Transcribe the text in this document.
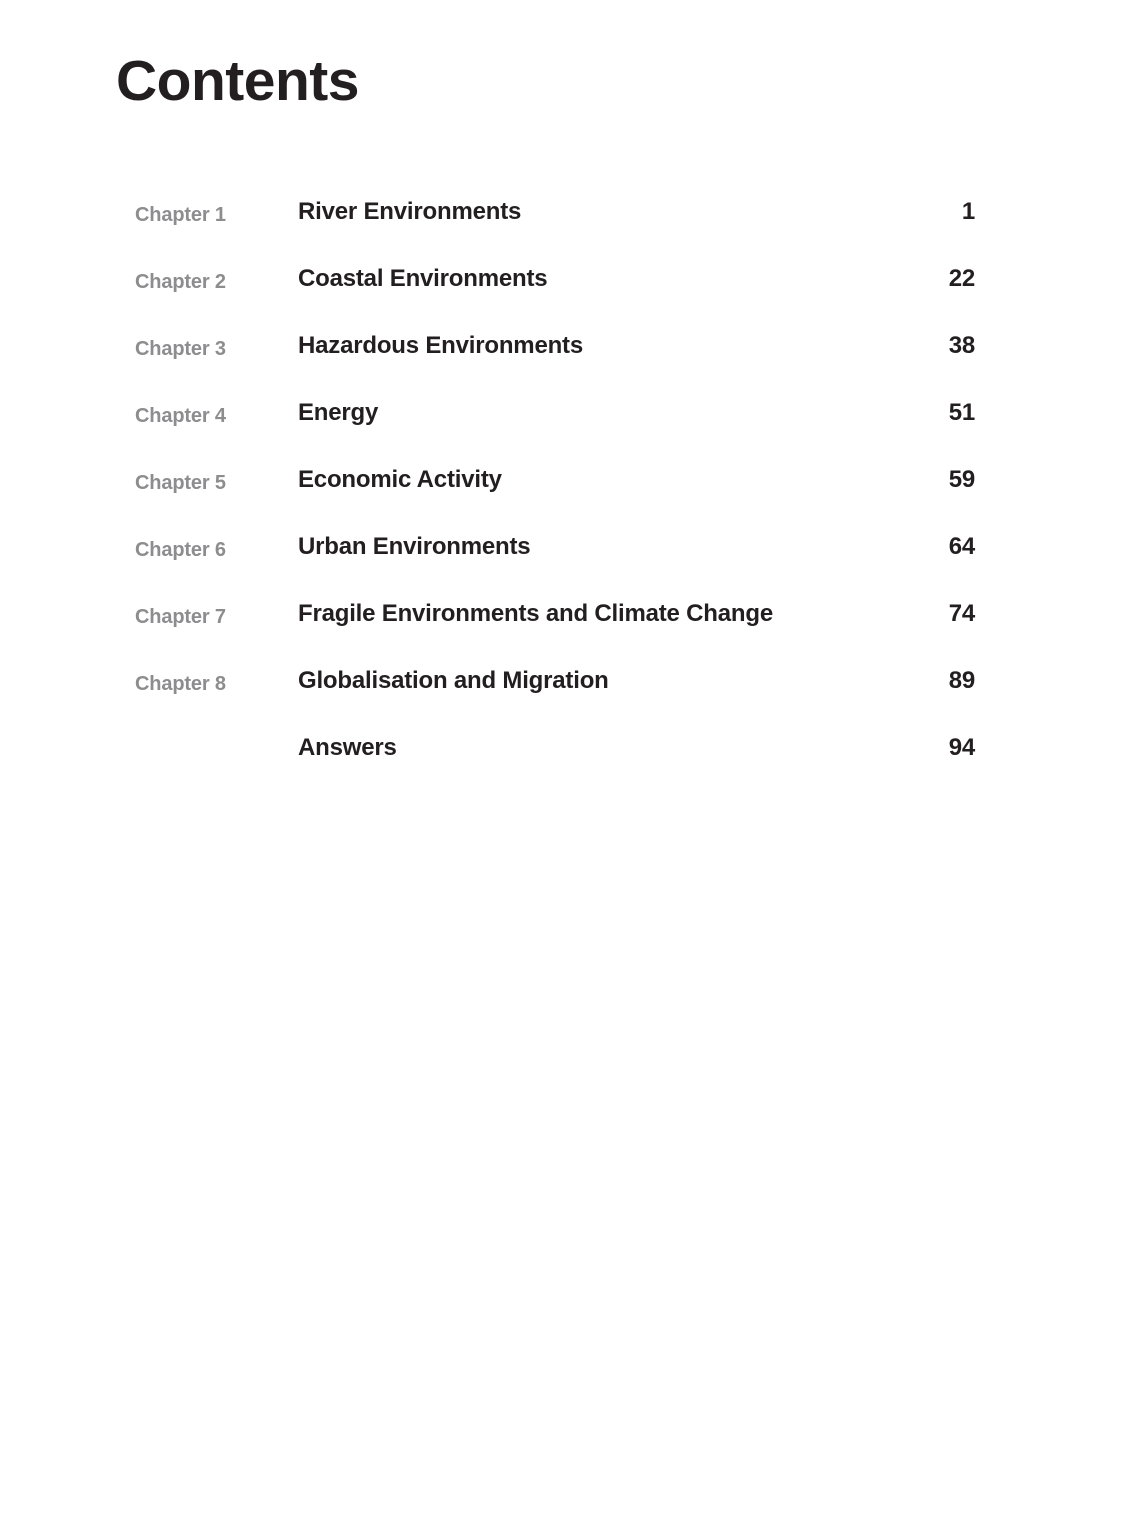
Contents
Chapter 1	River Environments	1
Chapter 2	Coastal Environments	22
Chapter 3	Hazardous Environments	38
Chapter 4	Energy	51
Chapter 5	Economic Activity	59
Chapter 6	Urban Environments	64
Chapter 7	Fragile Environments and Climate Change	74
Chapter 8	Globalisation and Migration	89
Answers	94
